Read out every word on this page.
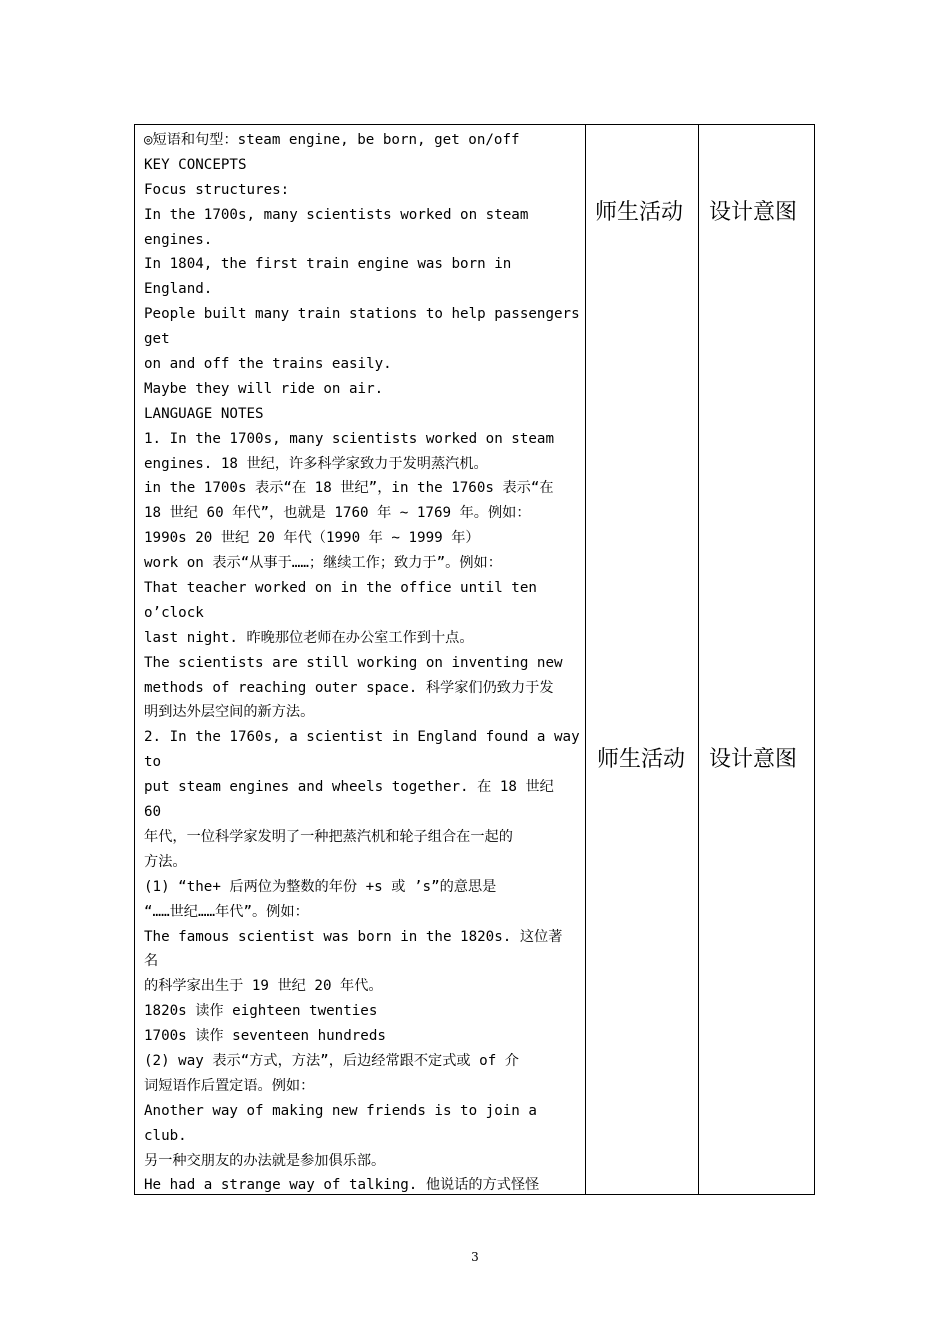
◎短语和句型：steam engine, be born, get on/off
KEY CONCEPTS
Focus structures:
In the 1700s, many scientists worked on steam
engines.
In 1804, the first train engine was born in
England.
People built many train stations to help passengers
get
on and off the trains easily.
Maybe they will ride on air.
LANGUAGE NOTES
1. In the 1700s, many scientists worked on steam
engines. 18 世纪，许多科学家致力于发明蒸汽机。
in the 1700s 表示“在 18 世纪”，in the 1760s 表示“在
18 世纪 60 年代”，也就是 1760 年 ~ 1769 年。例如：
1990s 20 世纪 20 年代（1990 年 ~ 1999 年）
work on 表示“从事于……；继续工作；致力于”。例如：
That teacher worked on in the office until ten
o’clock
last night. 昨晚那位老师在办公室工作到十点。
The scientists are still working on inventing new
methods of reaching outer space. 科学家们仍致力于发
明到达外层空间的新方法。
2. In the 1760s, a scientist in England found a way
to
put steam engines and wheels together. 在 18 世纪
60
年代，一位科学家发明了一种把蒸汽机和轮子组合在一起的
方法。
(1) “the+ 后两位为整数的年份 +s 或 ’s”的意思是
“……世纪……年代”。例如：
The famous scientist was born in the 1820s. 这位著
名
的科学家出生于 19 世纪 20 年代。
1820s 读作 eighteen twenties
1700s 读作 seventeen hundreds
(2) way 表示“方式，方法”，后边经常跟不定式或 of 介
词短语作后置定语。例如：
Another way of making new friends is to join a
club.
另一种交朋友的办法就是参加俱乐部。
He had a strange way of talking. 他说话的方式怪怪
师生活动 设计意图
师生活动 设计意图
3
